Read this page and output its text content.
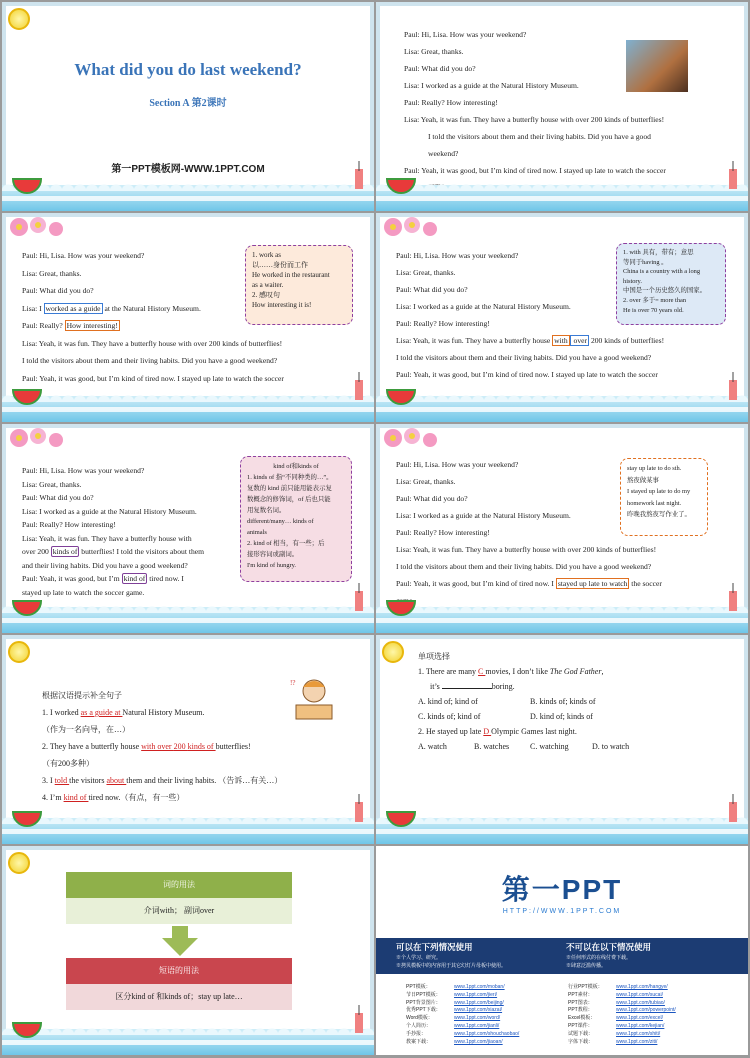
What did you do last weekend?
Section A 第2课时
第一PPT模板网-WWW.1PPT.COM

Paul: Hi, Lisa. How was your weekend?

Lisa: Great, thanks.

Paul: What did you do?

Lisa: I worked as a guide at the Natural History Museum.

Paul: Really? How interesting!

Lisa: Yeah, it was fun. They have a butterfly house with over 200 kinds of butterflies!

I told the visitors about them and their living habits. Did you have a good

weekend?

Paul: Yeah, it was good, but I’m kind of tired now. I stayed up late to watch the soccer

Paul: Hi, Lisa. How was your weekend?

Lisa: Great, thanks.

Paul: What did you do?

Lisa: I worked as a guide at the Natural History Museum.

Paul: Really? How interesting!

Lisa: Yeah, it was fun. They have a butterfly house with over 200 kinds of butterflies!

I told the visitors about them and their living habits. Did you have a good weekend?

Paul: Yeah, it was good, but I’m kind of tired now. I stayed up late to watch the soccer

1. work as
以……身份而工作
He worked in the restaurant
as a waiter.
2. 感叹句
How interesting it is!

Paul: Hi, Lisa. How was your weekend?

Lisa: Great, thanks.

Paul: What did you do?

Lisa: I worked as a guide at the Natural History Museum.

Paul: Really? How interesting!

Lisa: Yeah, it was fun. They have a butterfly house with over 200 kinds of butterflies!

I told the visitors about them and their living habits. Did you have a good weekend?

Paul: Yeah, it was good, but I’m kind of tired now. I stayed up late to watch the soccer

1. with 具有，带有；意思
等同于having 。
China is a country with a long
history.
中国是一个历史悠久的国家。
2. over 多于= more than
He is over 70 years old.

Paul: Hi, Lisa. How was your weekend?

Lisa: Great, thanks.

Paul: What did you do?

Lisa: I worked as a guide at the Natural History Museum.

Paul: Really? How interesting!

Lisa: Yeah, it was fun. They have a butterfly house with

over 200 kinds of butterflies! I told the visitors about them

and their living habits. Did you have a good weekend?

Paul: Yeah, it was good, but I’m kind of tired now. I

stayed up late to watch the soccer game.

kind of和kinds of
1. kinds of 指“不同种类的…”。
复数的 kind 前只能用能表示复
数概念的修饰词，of 后也只能
用复数名词。
different/many… kinds of
animals
2. kind of 相当，有一些；后
接形容词或副词。
I'm kind of hungry.

Paul: Hi, Lisa. How was your weekend?

Lisa: Great, thanks.

Paul: What did you do?

Lisa: I worked as a guide at the Natural History Museum.

Paul: Really? How interesting!

Lisa: Yeah, it was fun. They have a butterfly house with over 200 kinds of butterflies!

I told the visitors about them and their living habits. Did you have a good weekend?

Paul: Yeah, it was good, but I’m kind of tired now. I stayed up late to watch the soccer

stay up late to do sth.
熬夜做某事
I stayed up late to do my
homework last night.
昨晚我熬夜写作业了。
!?

根据汉语提示补全句子

1. I worked as a guide at Natural History Museum.

（作为一名向导，在…）

2. They have a butterfly house with over 200 kinds of butterflies!

（有200多种）

3. I told the visitors about them and their living habits. （告诉…有关…）

4. I’m kind of tired now.（有点，有一些）

单项选择

1. There are many C movies, I don’t like The God Father,

it’s	boring.

A. kind of; kind of	B. kinds of; kinds of

C. kinds of; kind of	D. kind of; kinds of

2. He stayed up late D Olympic Games last night.

A. watch	B. watches	C. watching	D. to watch

词的用法
介词with； 副词over
短语的用法
区分kind of 和kinds of；stay up late…
第一PPT
HTTP://WWW.1PPT.COM
可以在下列情况使用
※个人学习、研究。
※拷贝模板中的内容用于其它幻灯片母板中使用。
不可以在以下情况使用
※任何形式的在线付费下载。
※肆意泛滥传播。
PPT模板：	www.1ppt.com/moban/
节日PPT模板：	www.1ppt.com/jieri/
PPT背景图片：	www.1ppt.com/beijing/
优秀PPT下载：	www.1ppt.com/xiazai/
Word模板：	www.1ppt.com/word/
个人简历：	www.1ppt.com/jianli/
手抄报：	www.1ppt.com/shouchaobao/
教案下载：	www.1ppt.com/jiaoan/
行业PPT模板：	www.1ppt.com/hangye/
PPT素材：	www.1ppt.com/sucai/
PPT图表：	www.1ppt.com/tubiao/
PPT教程：	www.1ppt.com/powerpoint/
Excel模板：	www.1ppt.com/excel/
PPT课件：	www.1ppt.com/kejian/
试题下载：	www.1ppt.com/shiti/
字体下载：	www.1ppt.com/ziti/
